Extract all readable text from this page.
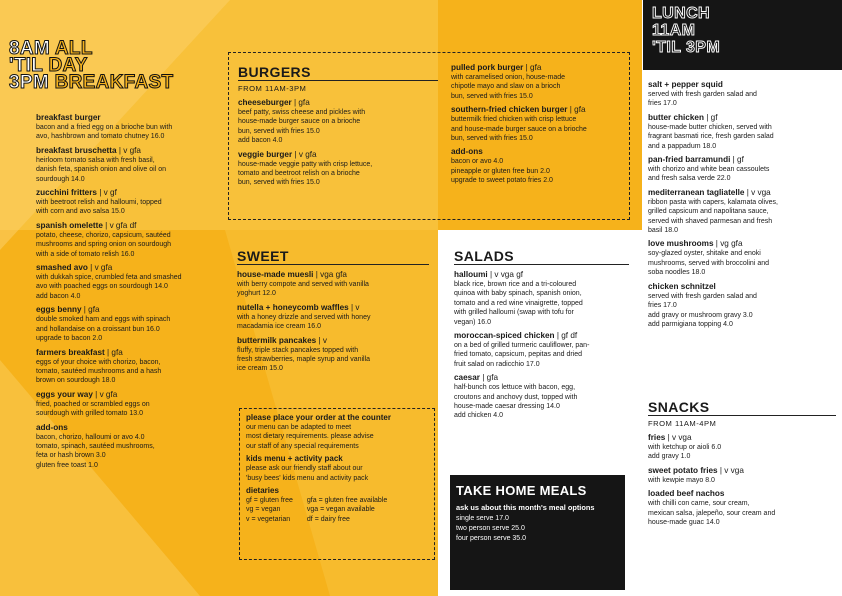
8AM ALL
'TIL DAY
3PM BREAKFAST
breakfast burger
bacon and a fried egg on a brioche bun with
avo, hashbrown and tomato chutney 16.0
breakfast bruschetta | v gfa
heirloom tomato salsa with fresh basil,
danish feta, spanish onion and olive oil on
sourdough 14.0
zucchini fritters | v gf
with beetroot relish and halloumi, topped
with corn and avo salsa 15.0
spanish omelette | v gfa df
potato, cheese, chorizo, capsicum, sautéed
mushrooms and spring onion on sourdough
with a side of tomato relish 16.0
smashed avo | v gfa
with dukkah spice, crumbled feta and smashed
avo with poached eggs on sourdough 14.0
add bacon 4.0
eggs benny | gfa
double smoked ham and eggs with spinach
and hollandaise on a croissant bun 16.0
upgrade to bacon 2.0
farmers breakfast | gfa
eggs of your choice with chorizo, bacon,
tomato, sautéed mushrooms and a hash
brown on sourdough 18.0
eggs your way | v gfa
fried, poached or scrambled eggs on
sourdough with grilled tomato 13.0
add-ons
bacon, chorizo, halloumi or avo 4.0
tomato, spinach, sautéed mushrooms,
feta or hash brown 3.0
gluten free toast 1.0
BURGERS
FROM 11AM-3PM
cheeseburger | gfa
beef patty, swiss cheese and pickles with
house-made burger sauce on a brioche
bun, served with fries 15.0
add bacon 4.0
veggie burger | v gfa
house-made veggie patty with crisp lettuce,
tomato and beetroot relish on a brioche
bun, served with fries 15.0
pulled pork burger | gfa
with caramelised onion, house-made
chipotle mayo and slaw on a brioch
bun, served with fries 15.0
southern-fried chicken burger | gfa
buttermilk fried chicken with crisp lettuce
and house-made burger sauce on a brioche
bun, served with fries 15.0
add-ons
bacon or avo 4.0
pineapple or gluten free bun 2.0
upgrade to sweet potato fries 2.0
SWEET
house-made muesli | vga gfa
with berry compote and served with vanilla
yoghurt 12.0
nutella + honeycomb waffles | v
with a honey drizzle and served with honey
macadamia ice cream 16.0
buttermilk pancakes | v
fluffy, triple stack pancakes topped with
fresh strawberries, maple syrup and vanilla
ice cream 15.0
please place your order at the counter
our menu can be adapted to meet
most dietary requirements. please advise
our staff of any special requirements
kids menu + activity pack
please ask our friendly staff about our
'busy bees' kids menu and activity pack
dietaries
gf = gluten free	gfa = gluten free available
vg = vegan	vga = vegan available
v = vegetarian	df = dairy free
SALADS
halloumi | v vga gf
black rice, brown rice and a tri-coloured
quinoa with baby spinach, spanish onion,
tomato and a red wine vinaigrette, topped
with grilled halloumi (swap with tofu for
vegan) 16.0
moroccan-spiced chicken | gf df
on a bed of grilled turmeric cauliflower, pan-
fried tomato, capsicum, pepitas and dried
fruit salad on radicchio 17.0
caesar | gfa
half-bunch cos lettuce with bacon, egg,
croutons and anchovy dust, topped with
house-made caesar dressing 14.0
add chicken 4.0
TAKE HOME MEALS
ask us about this month's meal options
single serve 17.0
two person serve 25.0
four person serve 35.0
LUNCH
11AM
'TIL 3PM
salt + pepper squid
served with fresh garden salad and
fries 17.0
butter chicken | gf
house-made butter chicken, served with
fragrant basmati rice, fresh garden salad
and a pappadum 18.0
pan-fried barramundi | gf
with chorizo and white bean cassoulets
and fresh salsa verde 22.0
mediterranean tagliatelle | v vga
ribbon pasta with capers, kalamata olives,
grilled capsicum and napolitana sauce,
served with shaved parmesan and fresh
basil 18.0
love mushrooms | vg gfa
soy-glazed oyster, shitake and enoki
mushrooms, served with broccolini and
soba noodles 18.0
chicken schnitzel
served with fresh garden salad and
fries 17.0
add gravy or mushroom gravy 3.0
add parmigiana topping 4.0
SNACKS
FROM 11AM-4PM
fries | v vga
with ketchup or aioli 6.0
add gravy 1.0
sweet potato fries | v vga
with kewpie mayo 8.0
loaded beef nachos
with chilli con carne, sour cream,
mexican salsa, jalepeño, sour cream and
house-made guac 14.0
